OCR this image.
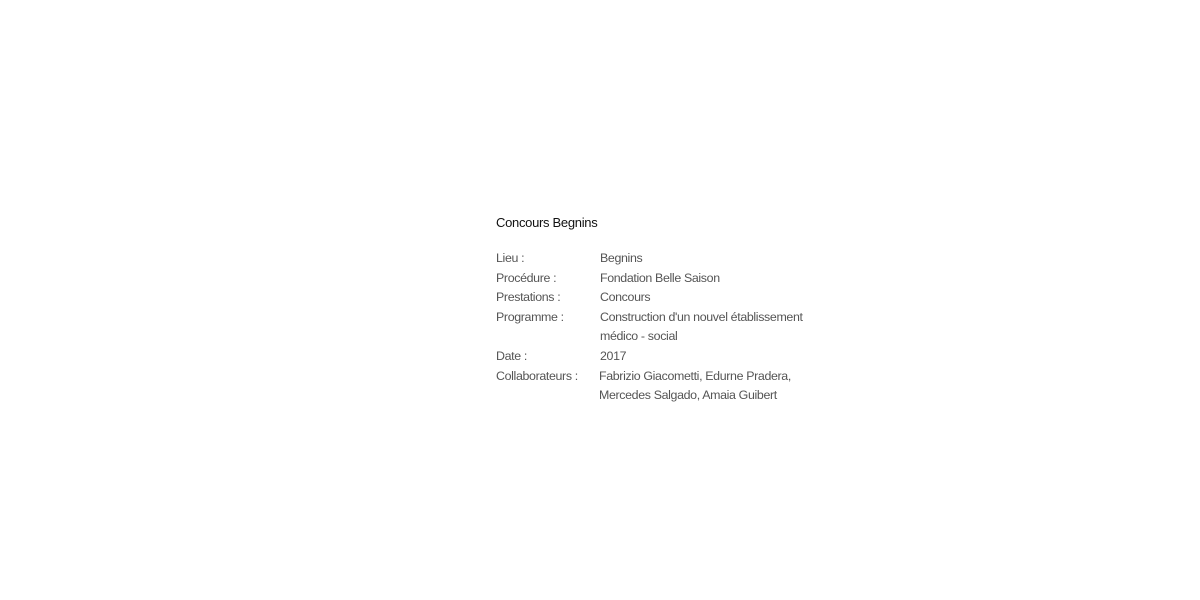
Concours Begnins
Lieu :	Begnins
Procédure :	Fondation Belle Saison
Prestations :	Concours
Programme :	Construction d'un nouvel établissement
médico - social
Date :	2017
Collaborateurs :	Fabrizio Giacometti, Edurne Pradera,
Mercedes Salgado, Amaia Guibert
